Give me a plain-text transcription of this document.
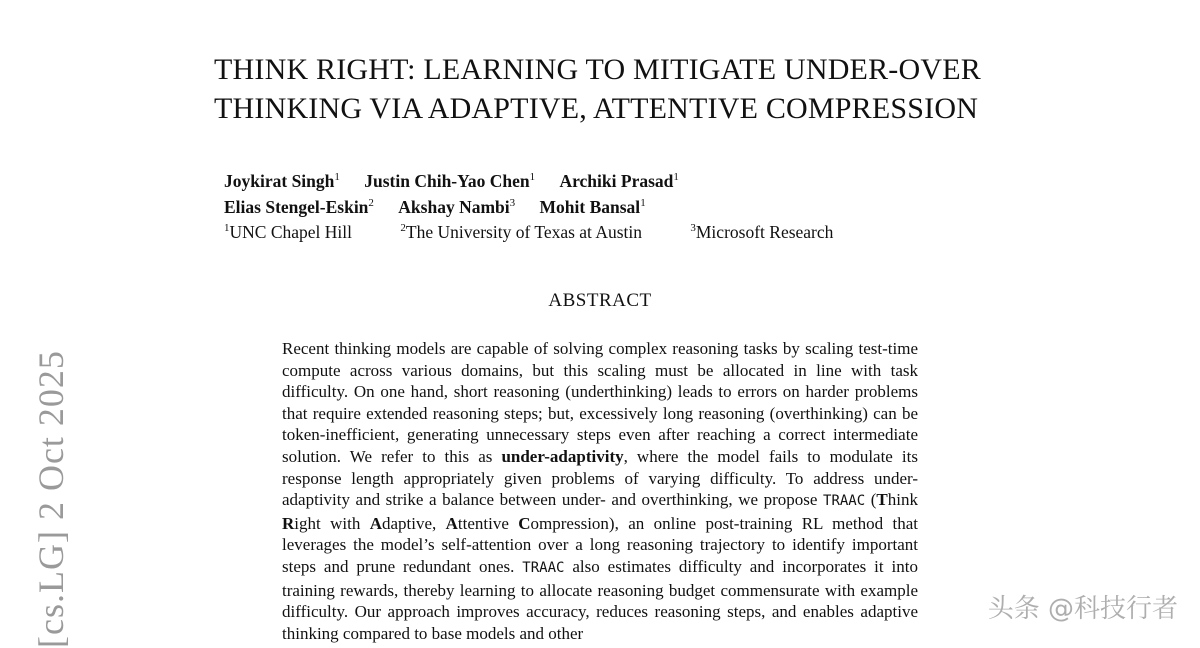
THINK RIGHT: LEARNING TO MITIGATE UNDER-OVER
THINKING VIA ADAPTIVE, ATTENTIVE COMPRESSION
Joykirat Singh$^1$ Justin Chih-Yao Chen$^1$ Archiki Prasad$^1$
Elias Stengel-Eskin$^2$ Akshay Nambi$^3$ Mohit Bansal$^1$
$^1$UNC Chapel Hill	$^2$The University of Texas at Austin	$^3$Microsoft Research
ABSTRACT

Recent thinking models are capable of solving complex reasoning tasks by scaling test-time compute across various domains, but this scaling must be allocated in line with task difficulty. On one hand, short reasoning (underthinking) leads to errors on harder problems that require extended reasoning steps; but, excessively long reasoning (overthinking) can be token-inefficient, generating unnecessary steps even after reaching a correct intermediate solution. We refer to this as under-adaptivity, where the model fails to modulate its response length appropriately given problems of varying difficulty. To address under-adaptivity and strike a balance between under- and overthinking, we propose TRAAC (Think Right with Adaptive, Attentive Compression), an online post-training RL method that leverages the model’s self-attention over a long reasoning trajectory to identify important steps and prune redundant ones. TRAAC also estimates difficulty and incorporates it into training rewards, thereby learning to allocate reasoning budget commensurate with example difficulty. Our approach improves accuracy, reduces reasoning steps, and enables adaptive thinking compared to base models and other

[cs.LG] 2 Oct 2025	头条 @科技行者
